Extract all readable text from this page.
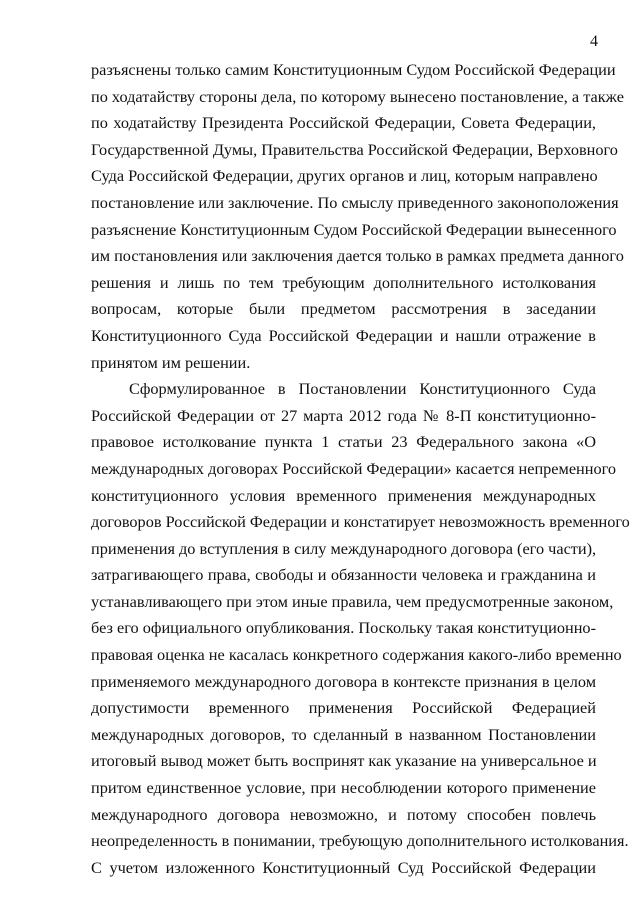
4
разъяснены только самим Конституционным Судом Российской Федерации
по ходатайству стороны дела, по которому вынесено постановление, а также
по ходатайству Президента Российской Федерации, Совета Федерации,
Государственной Думы, Правительства Российской Федерации, Верховного
Суда Российской Федерации, других органов и лиц, которым направлено
постановление или заключение. По смыслу приведенного законоположения
разъяснение Конституционным Судом Российской Федерации вынесенного
им постановления или заключения дается только в рамках предмета данного
решения и лишь по тем требующим дополнительного истолкования
вопросам, которые были предметом рассмотрения в заседании
Конституционного Суда Российской Федерации и нашли отражение в
принятом им решении.
Сформулированное в Постановлении Конституционного Суда
Российской Федерации от 27 марта 2012 года № 8-П конституционно-
правовое истолкование пункта 1 статьи 23 Федерального закона «О
международных договорах Российской Федерации» касается непременного
конституционного условия временного применения международных
договоров Российской Федерации и констатирует невозможность временного
применения до вступления в силу международного договора (его части),
затрагивающего права, свободы и обязанности человека и гражданина и
устанавливающего при этом иные правила, чем предусмотренные законом,
без его официального опубликования. Поскольку такая конституционно-
правовая оценка не касалась конкретного содержания какого-либо временно
применяемого международного договора в контексте признания в целом
допустимости временного применения Российской Федерацией
международных договоров, то сделанный в названном Постановлении
итоговый вывод может быть воспринят как указание на универсальное и
притом единственное условие, при несоблюдении которого применение
международного договора невозможно, и потому способен повлечь
неопределенность в понимании, требующую дополнительного истолкования.
С учетом изложенного Конституционный Суд Российской Федерации
